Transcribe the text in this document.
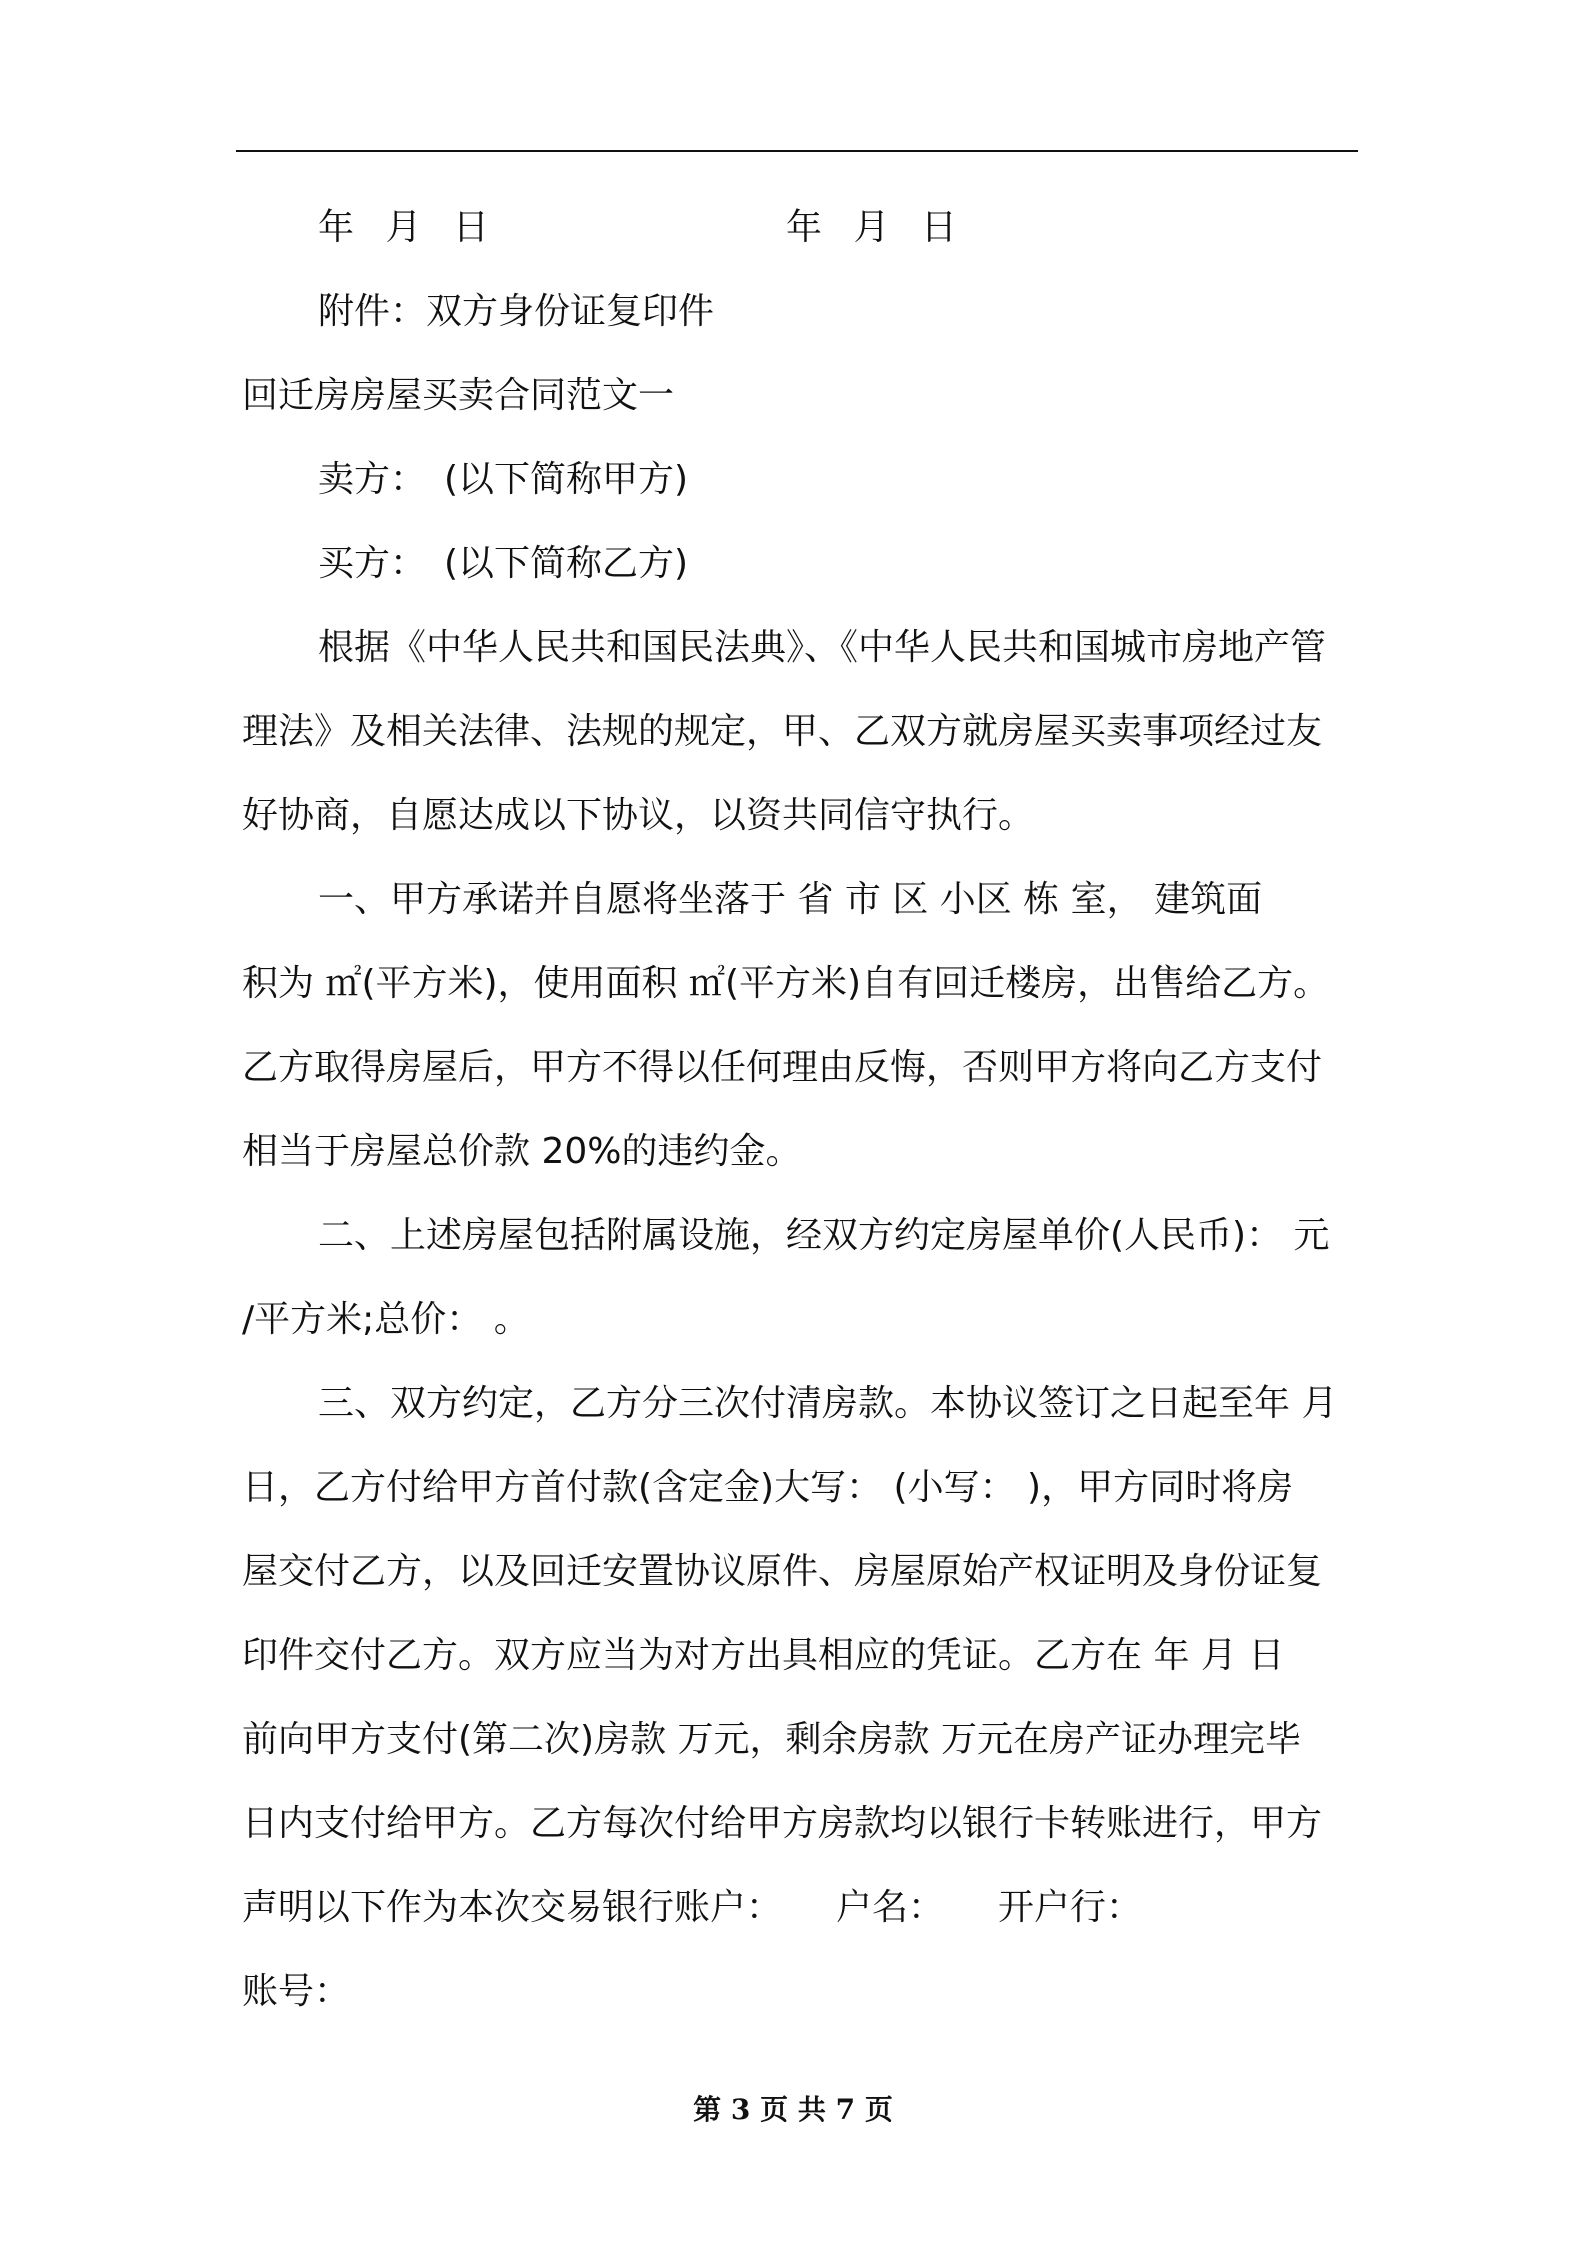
年 月 日	年 月 日
附件：双方身份证复印件
回迁房房屋买卖合同范文一
卖方：　(以下简称甲方)
买方：　(以下简称乙方)
根据《中华人民共和国民法典》、《中华人民共和国城市房地产管
理法》及相关法律、法规的规定，甲、乙双方就房屋买卖事项经过友
好协商，自愿达成以下协议，以资共同信守执行。
一、甲方承诺并自愿将坐落于 省 市 区 小区 栋 室， 建筑面
积为 ㎡(平方米)，使用面积 ㎡(平方米)自有回迁楼房，出售给乙方。
乙方取得房屋后，甲方不得以任何理由反悔，否则甲方将向乙方支付
相当于房屋总价款 20%的违约金。
二、上述房屋包括附属设施，经双方约定房屋单价(人民币)： 元
/平方米;总价： 。
三、双方约定，乙方分三次付清房款。本协议签订之日起至年 月
日，乙方付给甲方首付款(含定金)大写： (小写： )，甲方同时将房
屋交付乙方，以及回迁安置协议原件、房屋原始产权证明及身份证复
印件交付乙方。双方应当为对方出具相应的凭证。乙方在 年 月 日
前向甲方支付(第二次)房款 万元，剩余房款 万元在房产证办理完毕
日内支付给甲方。乙方每次付给甲方房款均以银行卡转账进行，甲方
声明以下作为本次交易银行账户：　　户名：　　开户行：
账号：
第 3 页 共 7 页
